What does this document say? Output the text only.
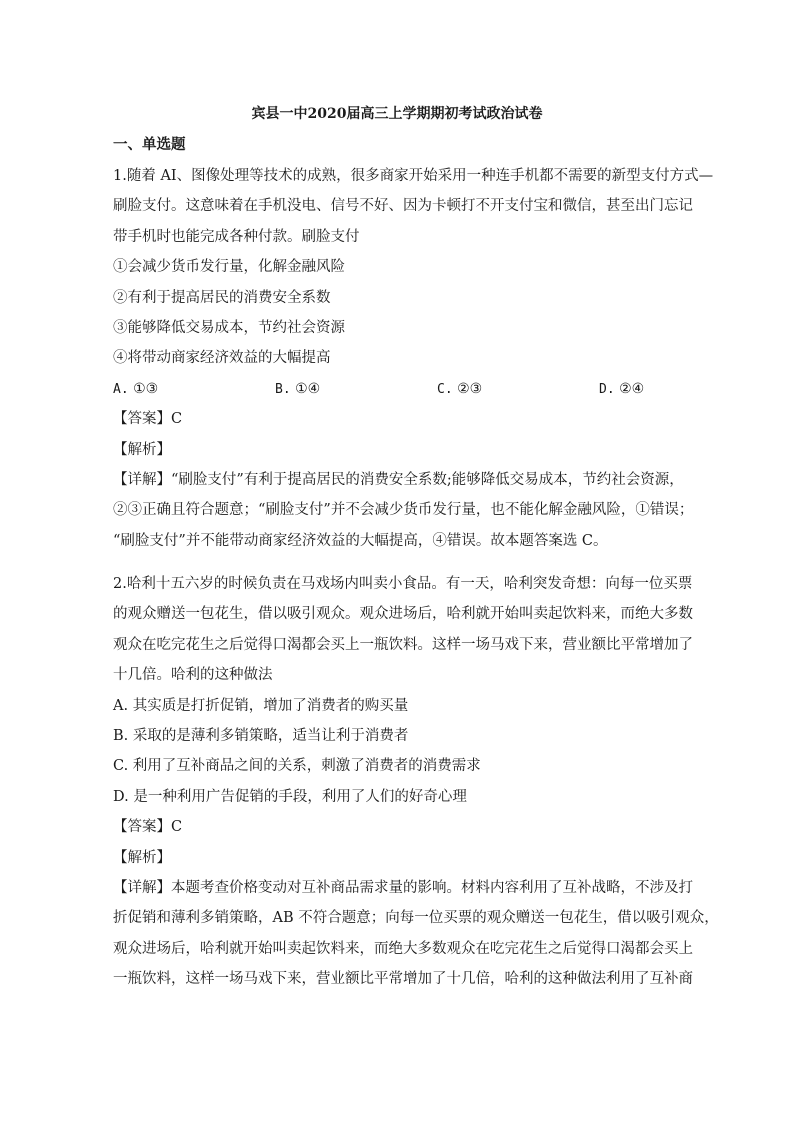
宾县一中2020届高三上学期期初考试政治试卷
一、单选题
1.随着 AI、图像处理等技术的成熟，很多商家开始采用一种连手机都不需要的新型支付方式—
刷脸支付。这意味着在手机没电、信号不好、因为卡顿打不开支付宝和微信，甚至出门忘记
带手机时也能完成各种付款。刷脸支付
①会减少货币发行量，化解金融风险
②有利于提高居民的消费安全系数
③能够降低交易成本，节约社会资源
④将带动商家经济效益的大幅提高
A. ①③	B. ①④	C. ②③	D. ②④
【答案】C
【解析】
【详解】“刷脸支付”有利于提高居民的消费安全系数;能够降低交易成本，节约社会资源，
②③正确且符合题意；“刷脸支付”并不会减少货币发行量，也不能化解金融风险，①错误；
“刷脸支付”并不能带动商家经济效益的大幅提高，④错误。故本题答案选 C。
2.哈利十五六岁的时候负责在马戏场内叫卖小食品。有一天，哈利突发奇想：向每一位买票
的观众赠送一包花生，借以吸引观众。观众进场后，哈利就开始叫卖起饮料来，而绝大多数
观众在吃完花生之后觉得口渴都会买上一瓶饮料。这样一场马戏下来，营业额比平常增加了
十几倍。哈利的这种做法
A. 其实质是打折促销，增加了消费者的购买量
B. 采取的是薄利多销策略，适当让利于消费者
C. 利用了互补商品之间的关系，刺激了消费者的消费需求
D. 是一种利用广告促销的手段，利用了人们的好奇心理
【答案】C
【解析】
【详解】本题考查价格变动对互补商品需求量的影响。材料内容利用了互补战略，不涉及打
折促销和薄利多销策略，AB 不符合题意；向每一位买票的观众赠送一包花生，借以吸引观众，
观众进场后，哈利就开始叫卖起饮料来，而绝大多数观众在吃完花生之后觉得口渴都会买上
一瓶饮料，这样一场马戏下来，营业额比平常增加了十几倍，哈利的这种做法利用了互补商
